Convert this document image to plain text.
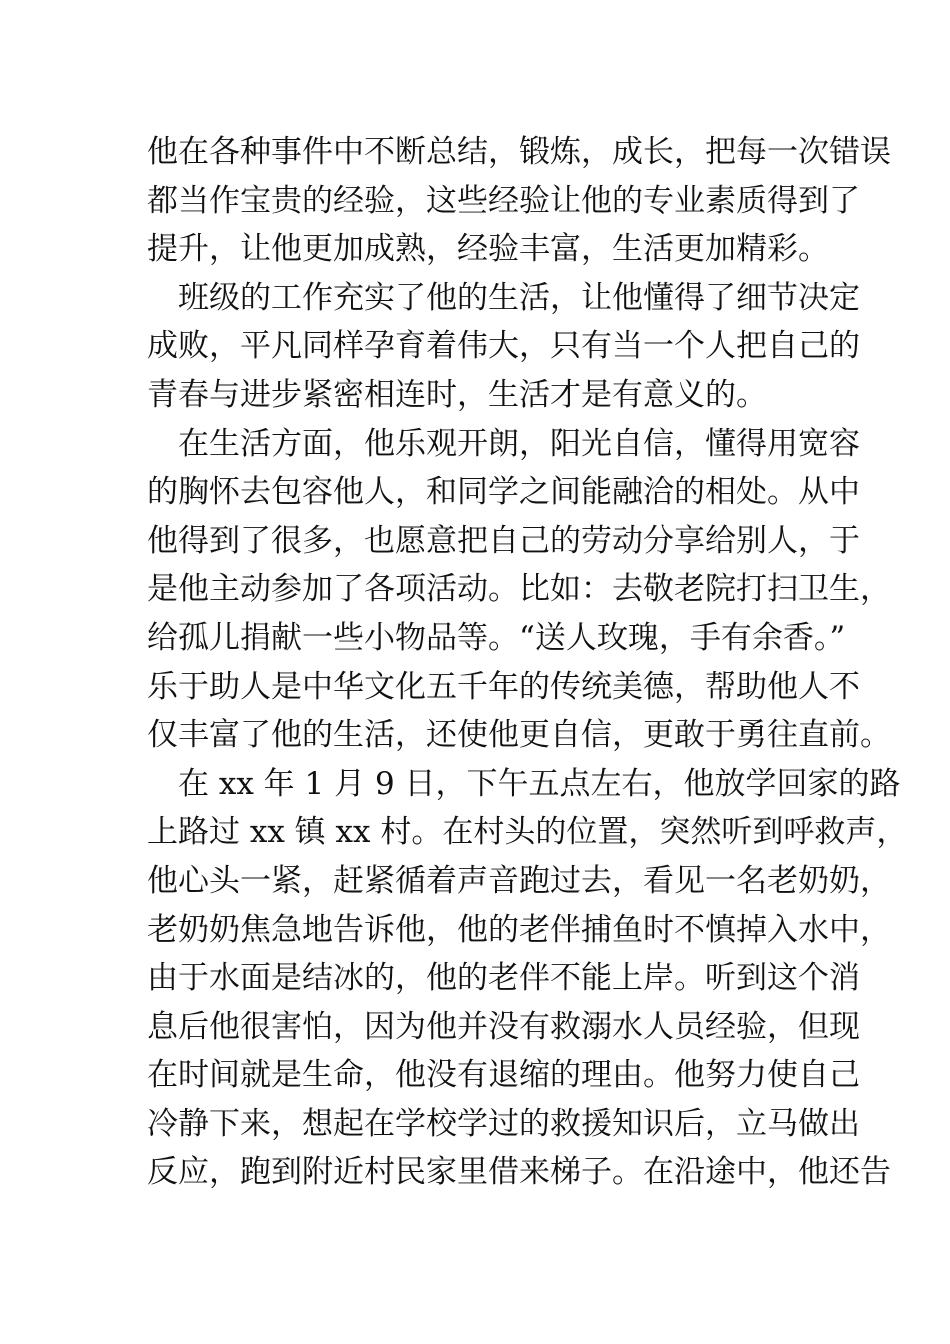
他在各种事件中不断总结，锻炼，成长，把每一次错误
都当作宝贵的经验，这些经验让他的专业素质得到了
提升，让他更加成熟，经验丰富，生活更加精彩。

　班级的工作充实了他的生活，让他懂得了细节决定
成败，平凡同样孕育着伟大，只有当一个人把自己的
青春与进步紧密相连时，生活才是有意义的。

　在生活方面，他乐观开朗，阳光自信，懂得用宽容
的胸怀去包容他人，和同学之间能融洽的相处。从中
他得到了很多，也愿意把自己的劳动分享给别人，于
是他主动参加了各项活动。比如：去敬老院打扫卫生，
给孤儿捐献一些小物品等。“送人玫瑰，手有余香。”
乐于助人是中华文化五千年的传统美德，帮助他人不
仅丰富了他的生活，还使他更自信，更敢于勇往直前。

　在 xx 年 1 月 9 日，下午五点左右，他放学回家的路
上路过 xx 镇 xx 村。在村头的位置，突然听到呼救声，
他心头一紧，赶紧循着声音跑过去，看见一名老奶奶，
老奶奶焦急地告诉他，他的老伴捕鱼时不慎掉入水中，
由于水面是结冰的，他的老伴不能上岸。听到这个消
息后他很害怕，因为他并没有救溺水人员经验，但现
在时间就是生命，他没有退缩的理由。他努力使自己
冷静下来，想起在学校学过的救援知识后，立马做出
反应，跑到附近村民家里借来梯子。在沿途中，他还告
